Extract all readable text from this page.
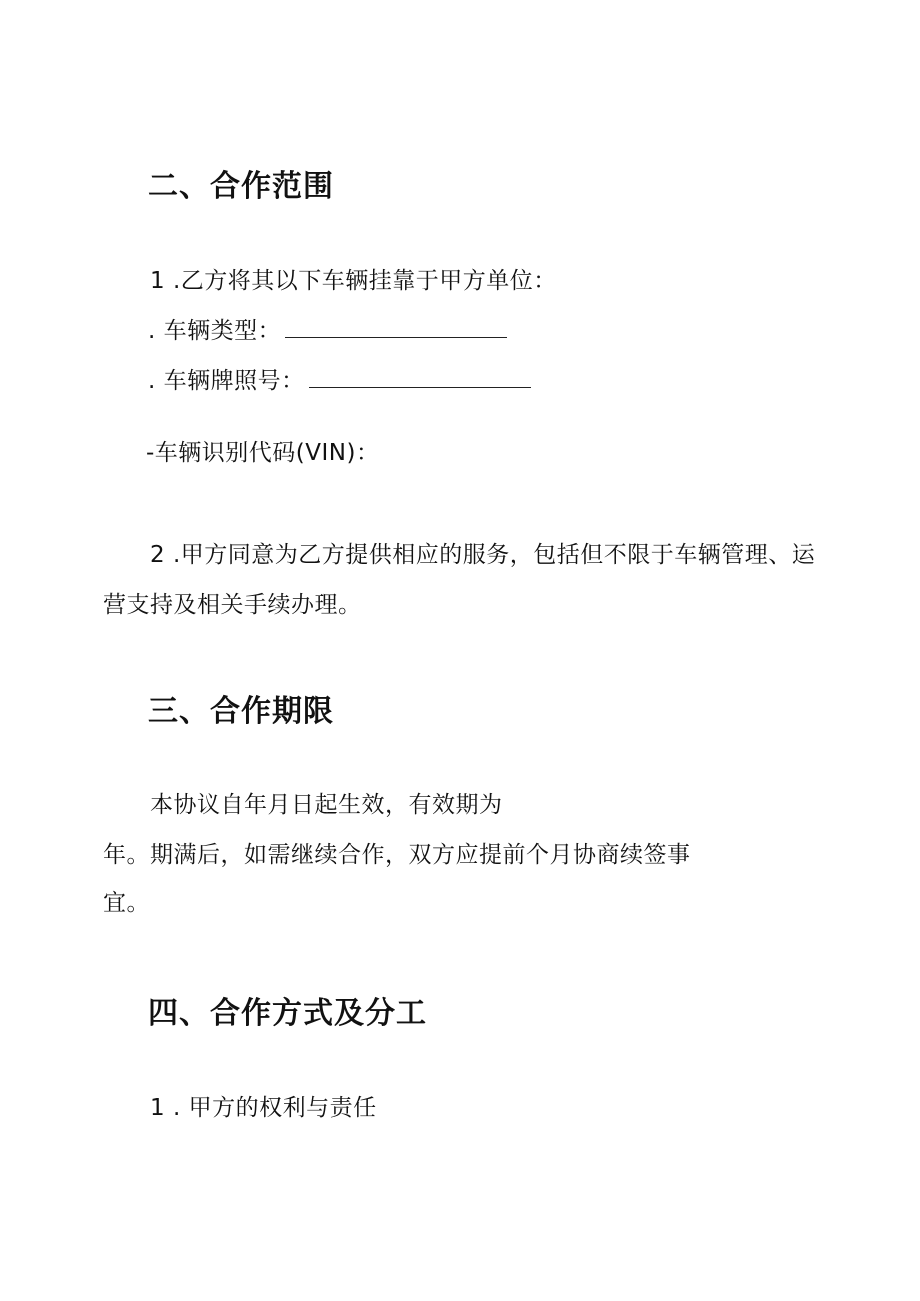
二、合作范围
1 .乙方将其以下车辆挂靠于甲方单位：
. 车辆类型：
. 车辆牌照号：
-车辆识别代码(VIN)：
2 .甲方同意为乙方提供相应的服务，包括但不限于车辆管理、运
营支持及相关手续办理。
三、合作期限
本协议自年月日起生效，有效期为
年。期满后，如需继续合作，双方应提前个月协商续签事
宜。
四、合作方式及分工
1 . 甲方的权利与责任
